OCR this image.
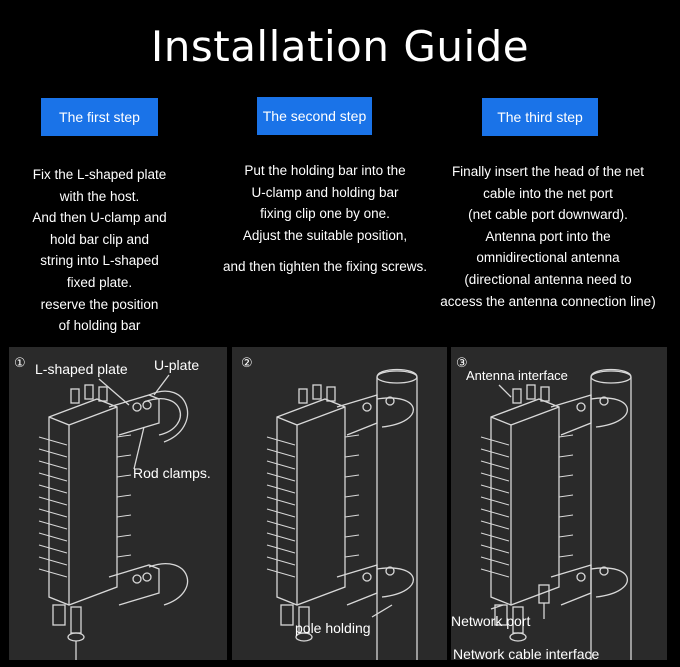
Installation Guide
The first step	The second step	The third step
Fix the L-shaped plate
with the host.
And then U-clamp and
hold bar clip and
string into L-shaped
fixed plate.
reserve the position
of holding bar
Put the holding bar into the
U-clamp and holding bar
fixing clip one by one.
Adjust the suitable position,
and then tighten the fixing screws.
Finally insert the head of the net
cable into the net port
(net cable port downward).
Antenna port into the
omnidirectional antenna
(directional antenna need to
access the antenna connection line)
① L-shaped plate U-plate
Rod clamps.
②
pole holding
③
Antenna interface
Network port
Network cable interface
